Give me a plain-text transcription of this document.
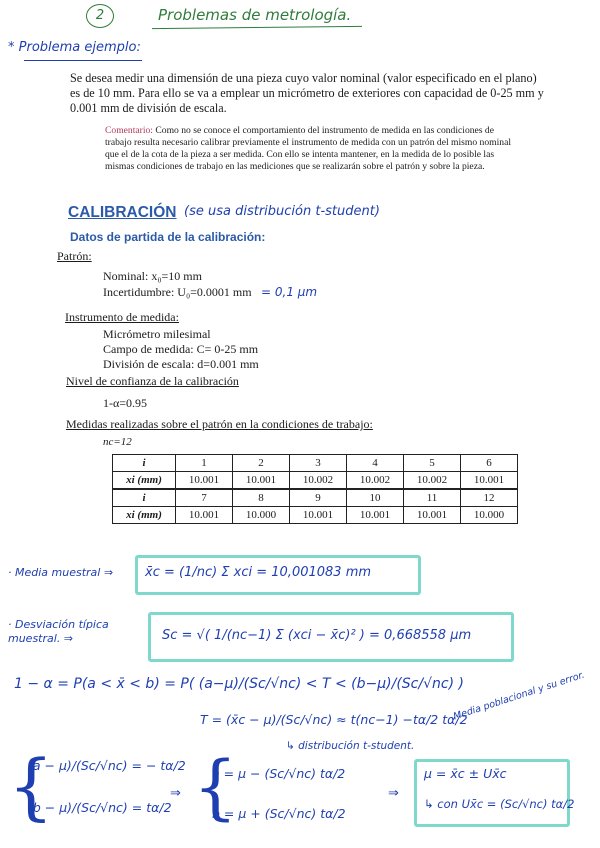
2	Problemas de metrología.
* Problema ejemplo:
Se desea medir una dimensión de una pieza cuyo valor nominal (valor especificado en el plano) es de 10 mm. Para ello se va a emplear un micrómetro de exteriores con capacidad de 0-25 mm y 0.001 mm de división de escala.
Comentario: Como no se conoce el comportamiento del instrumento de medida en las condiciones de trabajo resulta necesario calibrar previamente el instrumento de medida con un patrón del mismo nominal que el de la cota de la pieza a ser medida. Con ello se intenta mantener, en la medida de lo posible las mismas condiciones de trabajo en las mediciones que se realizarán sobre el patrón y sobre la pieza.
CALIBRACIÓN (se usa distribución t-student)
Datos de partida de la calibración:
Patrón:
Nominal: x₀=10 mm
Incertidumbre: U₀=0.0001 mm = 0,1 μm
Instrumento de medida:
Micrómetro milesimal
Campo de medida: C= 0-25 mm
División de escala: d=0.001 mm
Nivel de confianza de la calibración
1-α=0.95
Medidas realizadas sobre el patrón en la condiciones de trabajo:
nc=12
i	1	2	3	4	5	6
xi (mm)	10.001	10.001	10.002	10.002	10.002	10.001
i	7	8	9	10	11	12
xi (mm)	10.001	10.000	10.001	10.001	10.001	10.000
· Media muestral ⇒ x̄c = (1/nc) Σ xci = 10,001083 mm
· Desviación típica muestral. ⇒	Sc = √( 1/(nc−1) Σ (xci − x̄c)² ) = 0,668558 μm
1 − α = P(a < x̄ < b) = P( (a−μ)/(Sc/√nc) < T < (b−μ)/(Sc/√nc) )
T = (x̄c − μ)/(Sc/√nc) ≈ t(nc−1) −tα/2 tα/2
↳ distribución t-student.
Media poblacional y su error.
{
(a − μ)/(Sc/√nc) = − tα/2
(b − μ)/(Sc/√nc) = tα/2
⇒ {
a = μ − (Sc/√nc) tα/2
b = μ + (Sc/√nc) tα/2
⇒
μ = x̄c ± Ux̄c
↳ con Ux̄c = (Sc/√nc) tα/2
